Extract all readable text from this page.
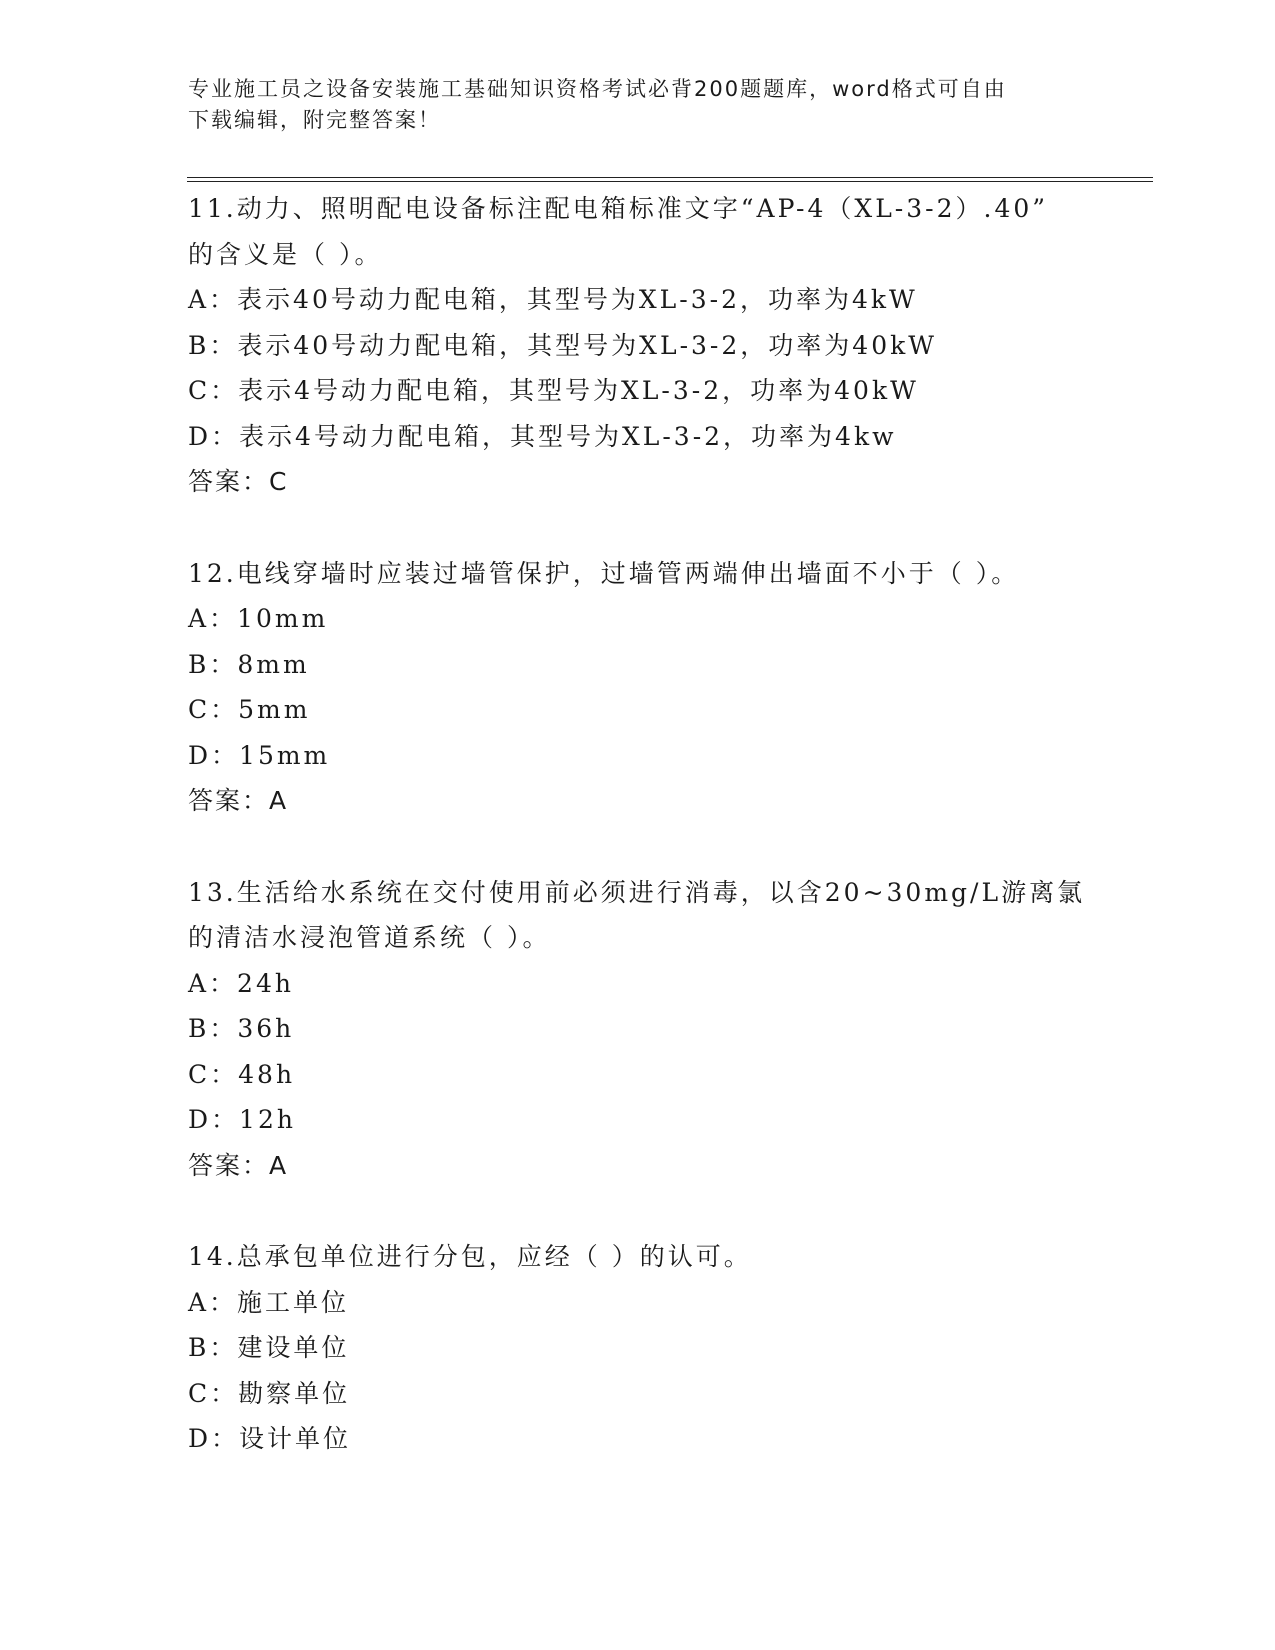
专业施工员之设备安装施工基础知识资格考试必背200题题库，word格式可自由
下载编辑，附完整答案！
11.动力、照明配电设备标注配电箱标准文字“AP-4（XL-3-2）.40”
的含义是（ ）。
A：表示40号动力配电箱，其型号为XL-3-2，功率为4kW
B：表示40号动力配电箱，其型号为XL-3-2，功率为40kW
C：表示4号动力配电箱，其型号为XL-3-2，功率为40kW
D：表示4号动力配电箱，其型号为XL-3-2，功率为4kw
答案：C
12.电线穿墙时应装过墙管保护，过墙管两端伸出墙面不小于（ ）。
A：10mm
B：8mm
C：5mm
D：15mm
答案：A
13.生活给水系统在交付使用前必须进行消毒，以含20~30mg/L游离氯
的清洁水浸泡管道系统（ ）。
A：24h
B：36h
C：48h
D：12h
答案：A
14.总承包单位进行分包，应经（ ）的认可。
A：施工单位
B：建设单位
C：勘察单位
D：设计单位
